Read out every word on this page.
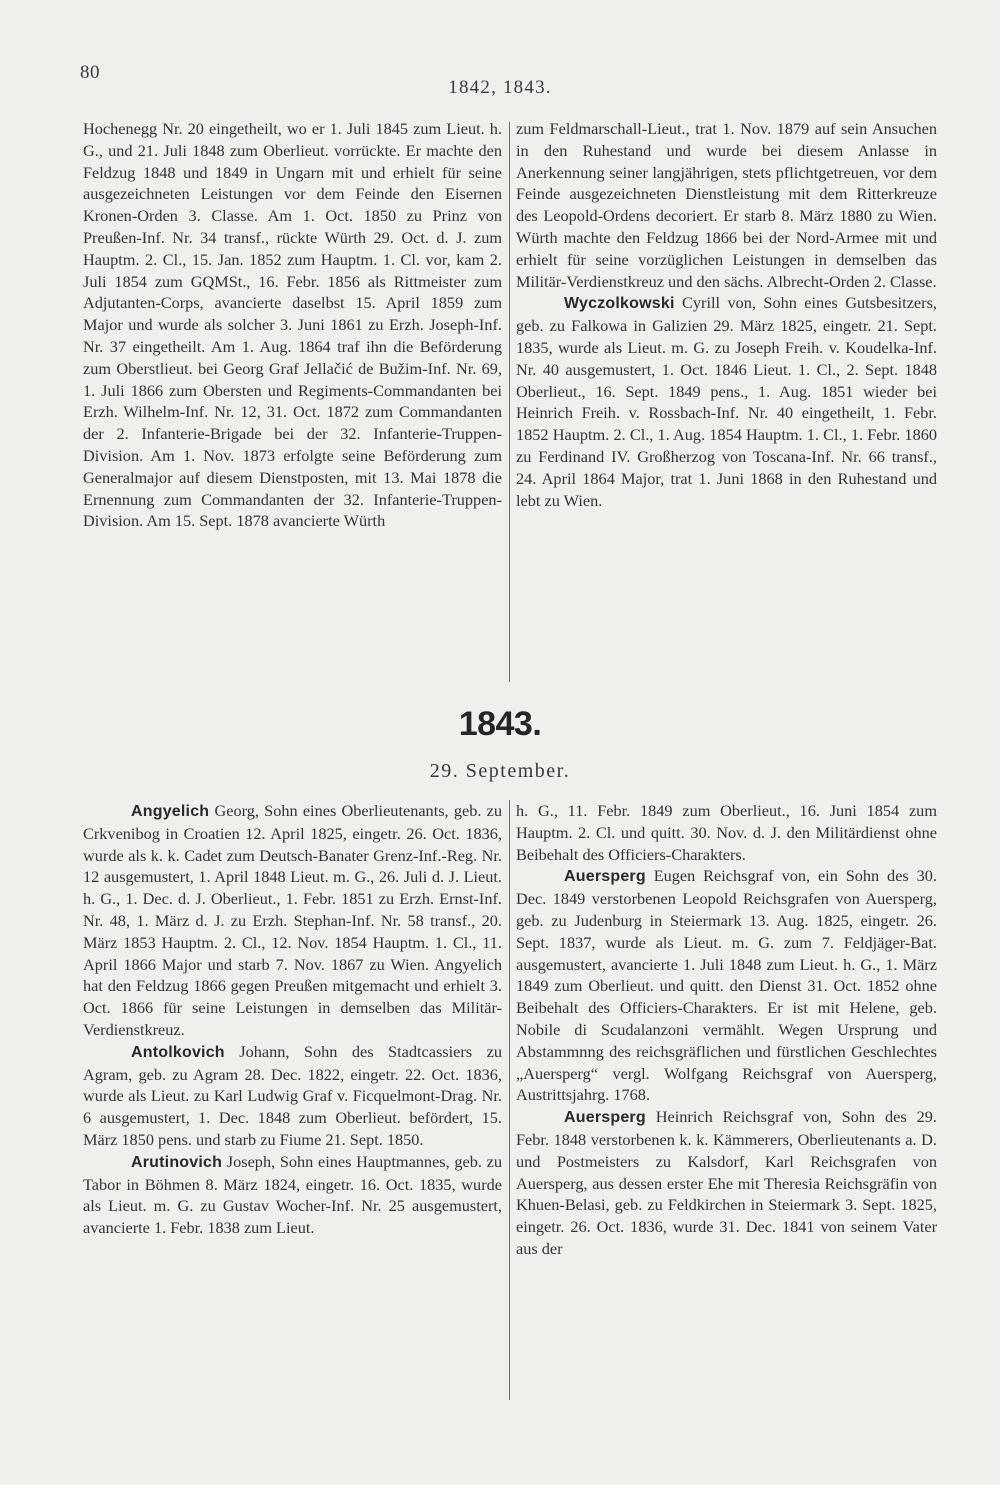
80
1842, 1843.

Hochenegg Nr. 20 eingetheilt, wo er 1. Juli 1845 zum Lieut. h. G., und 21. Juli 1848 zum Oberlieut. vorrückte. Er machte den Feldzug 1848 und 1849 in Ungarn mit und erhielt für seine ausgezeichneten Leistungen vor dem Feinde den Eisernen Kronen-Orden 3. Classe. Am 1. Oct. 1850 zu Prinz von Preußen-Inf. Nr. 34 transf., rückte Würth 29. Oct. d. J. zum Hauptm. 2. Cl., 15. Jan. 1852 zum Hauptm. 1. Cl. vor, kam 2. Juli 1854 zum GQMSt., 16. Febr. 1856 als Rittmeister zum Adjutanten-Corps, avancierte daselbst 15. April 1859 zum Major und wurde als solcher 3. Juni 1861 zu Erzh. Joseph-Inf. Nr. 37 eingetheilt. Am 1. Aug. 1864 traf ihn die Beförderung zum Oberstlieut. bei Georg Graf Jellačić de Bužim-Inf. Nr. 69, 1. Juli 1866 zum Obersten und Regiments-Commandanten bei Erzh. Wilhelm-Inf. Nr. 12, 31. Oct. 1872 zum Commandanten der 2. Infanterie-Brigade bei der 32. Infanterie-Truppen-Division. Am 1. Nov. 1873 erfolgte seine Beförderung zum Generalmajor auf diesem Dienstposten, mit 13. Mai 1878 die Ernennung zum Commandanten der 32. Infanterie-Truppen-Division. Am 15. Sept. 1878 avancierte Würth

zum Feldmarschall-Lieut., trat 1. Nov. 1879 auf sein Ansuchen in den Ruhestand und wurde bei diesem Anlasse in Anerkennung seiner langjährigen, stets pflichtgetreuen, vor dem Feinde ausgezeichneten Dienstleistung mit dem Ritterkreuze des Leopold-Ordens decoriert. Er starb 8. März 1880 zu Wien. Würth machte den Feldzug 1866 bei der Nord-Armee mit und erhielt für seine vorzüglichen Leistungen in demselben das Militär-Verdienstkreuz und den sächs. Albrecht-Orden 2. Classe.

Wyczolkowski Cyrill von, Sohn eines Gutsbesitzers, geb. zu Falkowa in Galizien 29. März 1825, eingetr. 21. Sept. 1835, wurde als Lieut. m. G. zu Joseph Freih. v. Koudelka-Inf. Nr. 40 ausgemustert, 1. Oct. 1846 Lieut. 1. Cl., 2. Sept. 1848 Oberlieut., 16. Sept. 1849 pens., 1. Aug. 1851 wieder bei Heinrich Freih. v. Rossbach-Inf. Nr. 40 eingetheilt, 1. Febr. 1852 Hauptm. 2. Cl., 1. Aug. 1854 Hauptm. 1. Cl., 1. Febr. 1860 zu Ferdinand IV. Großherzog von Toscana-Inf. Nr. 66 transf., 24. April 1864 Major, trat 1. Juni 1868 in den Ruhestand und lebt zu Wien.

1843.
29. September.

Angyelich Georg, Sohn eines Oberlieutenants, geb. zu Crkvenibog in Croatien 12. April 1825, eingetr. 26. Oct. 1836, wurde als k. k. Cadet zum Deutsch-Banater Grenz-Inf.-Reg. Nr. 12 ausgemustert, 1. April 1848 Lieut. m. G., 26. Juli d. J. Lieut. h. G., 1. Dec. d. J. Oberlieut., 1. Febr. 1851 zu Erzh. Ernst-Inf. Nr. 48, 1. März d. J. zu Erzh. Stephan-Inf. Nr. 58 transf., 20. März 1853 Hauptm. 2. Cl., 12. Nov. 1854 Hauptm. 1. Cl., 11. April 1866 Major und starb 7. Nov. 1867 zu Wien. Angyelich hat den Feldzug 1866 gegen Preußen mitgemacht und erhielt 3. Oct. 1866 für seine Leistungen in demselben das Militär-Verdienstkreuz.

Antolkovich Johann, Sohn des Stadtcassiers zu Agram, geb. zu Agram 28. Dec. 1822, eingetr. 22. Oct. 1836, wurde als Lieut. zu Karl Ludwig Graf v. Ficquelmont-Drag. Nr. 6 ausgemustert, 1. Dec. 1848 zum Oberlieut. befördert, 15. März 1850 pens. und starb zu Fiume 21. Sept. 1850.

Arutinovich Joseph, Sohn eines Hauptmannes, geb. zu Tabor in Böhmen 8. März 1824, eingetr. 16. Oct. 1835, wurde als Lieut. m. G. zu Gustav Wocher-Inf. Nr. 25 ausgemustert, avancierte 1. Febr. 1838 zum Lieut.

h. G., 11. Febr. 1849 zum Oberlieut., 16. Juni 1854 zum Hauptm. 2. Cl. und quitt. 30. Nov. d. J. den Militärdienst ohne Beibehalt des Officiers-Charakters.

Auersperg Eugen Reichsgraf von, ein Sohn des 30. Dec. 1849 verstorbenen Leopold Reichsgrafen von Auersperg, geb. zu Judenburg in Steiermark 13. Aug. 1825, eingetr. 26. Sept. 1837, wurde als Lieut. m. G. zum 7. Feldjäger-Bat. ausgemustert, avancierte 1. Juli 1848 zum Lieut. h. G., 1. März 1849 zum Oberlieut. und quitt. den Dienst 31. Oct. 1852 ohne Beibehalt des Officiers-Charakters. Er ist mit Helene, geb. Nobile di Scudalanzoni vermählt. Wegen Ursprung und Abstammnng des reichsgräflichen und fürstlichen Geschlechtes „Auersperg“ vergl. Wolfgang Reichsgraf von Auersperg, Austrittsjahrg. 1768.

Auersperg Heinrich Reichsgraf von, Sohn des 29. Febr. 1848 verstorbenen k. k. Kämmerers, Oberlieutenants a. D. und Postmeisters zu Kalsdorf, Karl Reichsgrafen von Auersperg, aus dessen erster Ehe mit Theresia Reichsgräfin von Khuen-Belasi, geb. zu Feldkirchen in Steiermark 3. Sept. 1825, eingetr. 26. Oct. 1836, wurde 31. Dec. 1841 von seinem Vater aus der
